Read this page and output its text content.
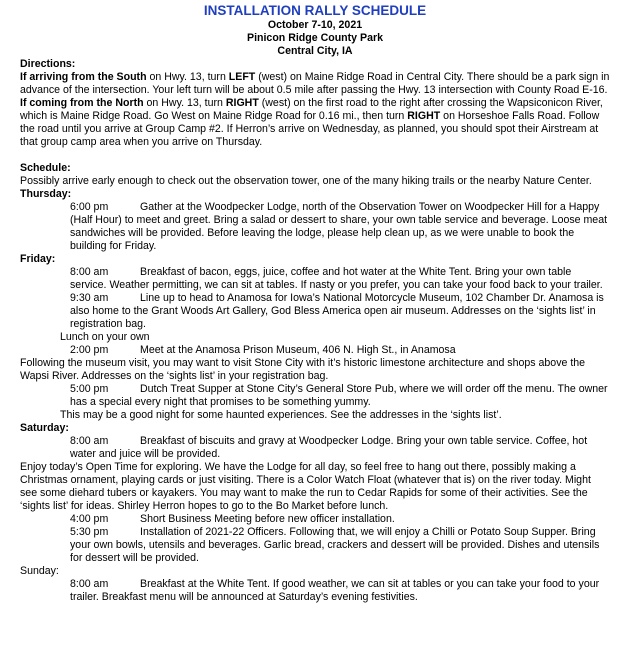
INSTALLATION RALLY SCHEDULE
October 7-10, 2021
Pinicon Ridge County Park
Central City, IA
Directions:

If arriving from the South on Hwy. 13, turn LEFT (west) on Maine Ridge Road in Central City. There should be a park sign in advance of the intersection. Your left turn will be about 0.5 mile after passing the Hwy. 13 intersection with County Road E-16. If coming from the North on Hwy. 13, turn RIGHT (west) on the first road to the right after crossing the Wapsiconicon River, which is Maine Ridge Road. Go West on Maine Ridge Road for 0.16 mi., then turn RIGHT on Horseshoe Falls Road. Follow the road until you arrive at Group Camp #2. If Herron’s arrive on Wednesday, as planned, you should spot their Airstream at that group camp area when you arrive on Thursday.

Schedule:

Possibly arrive early enough to check out the observation tower, one of the many hiking trails or the nearby Nature Center.

Thursday:

6:00 pm	Gather at the Woodpecker Lodge, north of the Observation Tower on Woodpecker Hill for a Happy (Half Hour) to meet and greet. Bring a salad or dessert to share, your own table service and beverage. Loose meat sandwiches will be provided. Before leaving the lodge, please help clean up, as we were unable to book the building for Friday.

Friday:

8:00 am	Breakfast of bacon, eggs, juice, coffee and hot water at the White Tent. Bring your own table service. Weather permitting, we can sit at tables. If nasty or you prefer, you can take your food back to your trailer.

9:30 am	Line up to head to Anamosa for Iowa’s National Motorcycle Museum, 102 Chamber Dr. Anamosa is also home to the Grant Woods Art Gallery, God Bless America open air museum. Addresses on the ‘sights list’ in registration bag.

Lunch on your own

2:00 pm	Meet at the Anamosa Prison Museum, 406 N. High St., in Anamosa

Following the museum visit, you may want to visit Stone City with it’s historic limestone architecture and shops above the Wapsi River. Addresses on the ‘sights list’ in your registration bag.

5:00 pm	Dutch Treat Supper at Stone City’s General Store Pub, where we will order off the menu. The owner has a special every night that promises to be something yummy.

This may be a good night for some haunted experiences. See the addresses in the ‘sights list’.

Saturday:

8:00 am	Breakfast of biscuits and gravy at Woodpecker Lodge. Bring your own table service. Coffee, hot water and juice will be provided.

Enjoy today’s Open Time for exploring. We have the Lodge for all day, so feel free to hang out there, possibly making a Christmas ornament, playing cards or just visiting. There is a Color Watch Float (whatever that is) on the river today. Might see some diehard tubers or kayakers. You may want to make the run to Cedar Rapids for some of their activities. See the ‘sights list’ for ideas. Shirley Herron hopes to go to the Bo Market before lunch.

4:00 pm	Short Business Meeting before new officer installation.

5:30 pm	Installation of 2021-22 Officers. Following that, we will enjoy a Chilli or Potato Soup Supper. Bring your own bowls, utensils and beverages. Garlic bread, crackers and dessert will be provided. Dishes and utensils for dessert will be provided.

Sunday:

8:00 am	Breakfast at the White Tent. If good weather, we can sit at tables or you can take your food to your trailer. Breakfast menu will be announced at Saturday’s evening festivities.
